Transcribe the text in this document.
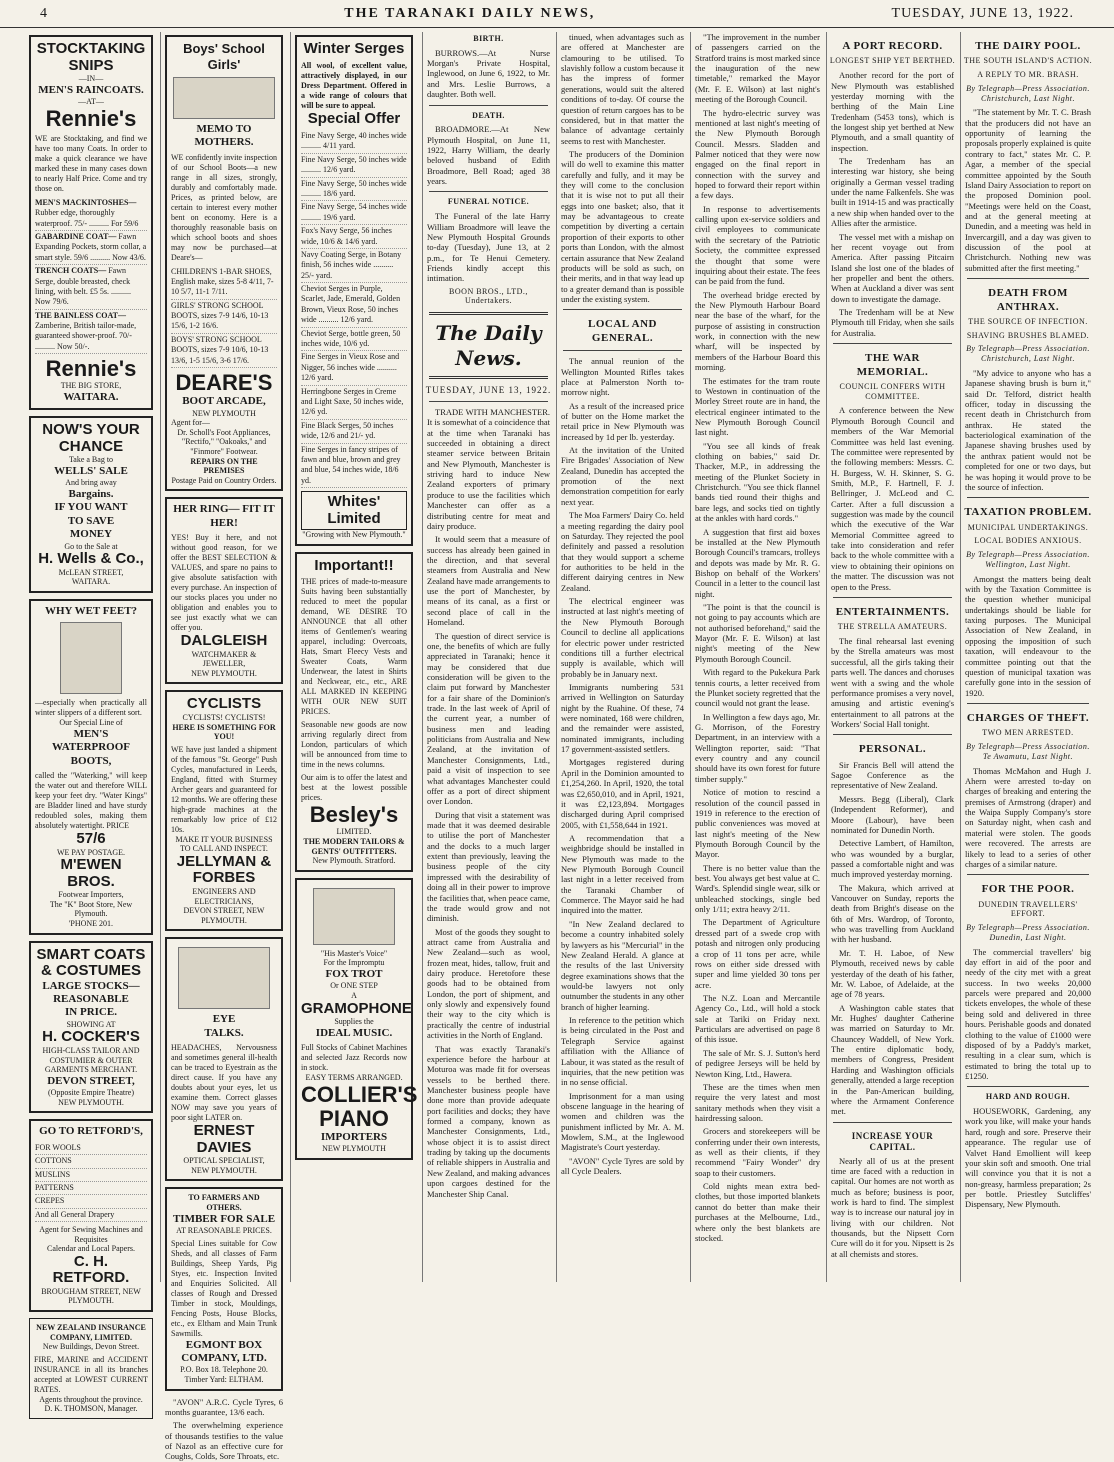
4	THE TARANAKI DAILY NEWS,	TUESDAY, JUNE 13, 1922.
STOCKTAKING
SNIPS
—IN—
MEN'S RAINCOATS.
—AT—
Rennie's
WE are Stocktaking, and find we have too many Coats. In order to make a quick clearance we have marked these in many cases down to nearly Half Price. Come and try those on.
MEN'S MACKINTOSHES— Rubber edge, thoroughly waterproof. 75/- .......... For 59/6
GABARDINE COAT— Fawn Expanding Pockets, storm collar, a smart style. 59/6 .......... Now 43/6.
TRENCH COATS— Fawn Serge, double breasted, check lining, with belt. £5 5s. .......... Now 79/6.
THE BAINLESS COAT— Zamberine, British tailor-made, guaranteed shower-proof. 70/- .......... Now 50/-.
Rennie's
THE BIG STORE,
WAITARA.
NOW'S YOUR
CHANCE
Take a Bag to
WELLS' SALE
And bring away
Bargains.
IF YOU WANT
TO SAVE
MONEY
Go to the Sale at
H. Wells & Co.,
McLEAN STREET,
WAITARA.
WHY WET FEET?
—especially when practically all winter slippers of a different sort.
Our Special Line of
MEN'S WATERPROOF BOOTS,
called the "Waterking," will keep the water out and therefore WILL keep your feet dry. "Water Kings" are Bladder lined and have sturdy redoubled soles, making them absolutely watertight. PRICE
57/6
WE PAY POSTAGE.
M'EWEN BROS.
Footwear Importers,
The "K" Boot Store, New Plymouth.
'PHONE 201.
SMART COATS
& COSTUMES
LARGE STOCKS—
REASONABLE
IN PRICE.
SHOWING AT
H. COCKER'S
HIGH-CLASS TAILOR AND COSTUMIER & OUTER GARMENTS MERCHANT.
DEVON STREET,
(Opposite Empire Theatre)
NEW PLYMOUTH.
GO TO RETFORD'S,
FOR WOOLS
COTTONS
MUSLINS
PATTERNS
CREPES
And all General Drapery
Agent for Sewing Machines and Requisites
Calendar and Local Papers.
C. H. RETFORD.
BROUGHAM STREET, NEW PLYMOUTH.
NEW ZEALAND INSURANCE COMPANY, LIMITED.
New Buildings, Devon Street.
FIRE, MARINE and ACCIDENT INSURANCE in all its branches accepted at LOWEST CURRENT RATES.
Agents throughout the province.
D. K. THOMSON, Manager.
Boys' School Girls'
MEMO TO MOTHERS.
WE confidently invite inspection of our School Boots—a new range in all sizes, strongly, durably and comfortably made. Prices, as printed below, are certain to interest every mother bent on economy. Here is a thoroughly reasonable basis on which school boots and shoes may now be purchased—at Deare's—
CHILDREN'S 1-BAR SHOES, English make, sizes 5-8 4/11, 7-10 5/7, 11-1 7/11.
GIRLS' STRONG SCHOOL BOOTS, sizes 7-9 14/6, 10-13 15/6, 1-2 16/6.
BOYS' STRONG SCHOOL BOOTS, sizes 7-9 10/6, 10-13 13/6, 1-5 15/6, 3-6 17/6.
DEARE'S
BOOT ARCADE,
NEW PLYMOUTH
Agent for—
Dr. Scholl's Foot Appliances,
"Rectifo," "Oakoaks," and
"Finmore" Footwear.
REPAIRS ON THE PREMISES
Postage Paid on Country Orders.
HER RING— FIT IT HER!
YES! Buy it here, and not without good reason, for we offer the BEST SELECTION & VALUES, and spare no pains to give absolute satisfaction with every purchase. An inspection of our stocks places you under no obligation and enables you to see just exactly what we can offer you.
DALGLEISH
WATCHMAKER & JEWELLER,
NEW PLYMOUTH.
CYCLISTS
CYCLISTS! CYCLISTS!
HERE IS SOMETHING FOR YOU!
WE have just landed a shipment of the famous "St. George" Push Cycles, manufactured in Leeds, England, fitted with Sturmey Archer gears and guaranteed for 12 months. We are offering these high-grade machines at the remarkably low price of £12 10s.
MAKE IT YOUR BUSINESS TO CALL AND INSPECT.
JELLYMAN & FORBES
ENGINEERS AND ELECTRICIANS,
DEVON STREET, NEW PLYMOUTH.
EYE
TALKS.
HEADACHES, Nervousness and sometimes general ill-health can be traced to Eyestrain as the direct cause. If you have any doubts about your eyes, let us examine them. Correct glasses NOW may save you years of poor sight LATER on.
ERNEST DAVIES
OPTICAL SPECIALIST,
NEW PLYMOUTH.
TO FARMERS AND OTHERS.
TIMBER FOR SALE
AT REASONABLE PRICES.
Special Lines suitable for Cow Sheds, and all classes of Farm Buildings, Sheep Yards, Pig Styes, etc. Inspection Invited and Enquiries Solicited. All classes of Rough and Dressed Timber in stock, Mouldings, Fencing Posts, House Blocks, etc., ex Eltham and Main Trunk Sawmills.
EGMONT BOX COMPANY, LTD.
P.O. Box 18. Telephone 20.
Timber Yard: ELTHAM.

"AVON" A.R.C. Cycle Tyres, 6 months guarantee, 13/6 each.

The overwhelming experience of thousands testifies to the value of Nazol as an effective cure for Coughs, Colds, Sore Throats, etc.

Winter Serges
All wool, of excellent value, attractively displayed, in our Dress Department. Offered in a wide range of colours that will be sure to appeal.
Special Offer
Fine Navy Serge, 40 inches wide .......... 4/11 yard.
Fine Navy Serge, 50 inches wide .......... 12/6 yard.
Fine Navy Serge, 50 inches wide .......... 18/6 yard.
Fine Navy Serge, 54 inches wide .......... 19/6 yard.
Fox's Navy Serge, 56 inches wide, 10/6 & 14/6 yard.
Navy Coating Serge, in Botany finish, 56 inches wide .......... 25/- yard.
Cheviot Serges in Purple, Scarlet, Jade, Emerald, Golden Brown, Vieux Rose, 50 inches wide .......... 12/6 yard.
Cheviot Serge, bottle green, 50 inches wide, 10/6 yd.
Fine Serges in Vieux Rose and Nigger, 56 inches wide .......... 12/6 yard.
Herringbone Serges in Creme and Light Saxe, 50 inches wide, 12/6 yd.
Fine Black Serges, 50 inches wide, 12/6 and 21/- yd.
Fine Serges in fancy stripes of fawn and blue, brown and grey and blue, 54 inches wide, 18/6 yd.
Whites' Limited
"Growing with New Plymouth."
Important!!
THE prices of made-to-measure Suits having been substantially reduced to meet the popular demand, WE DESIRE TO ANNOUNCE that all other items of Gentlemen's wearing apparel, including: Overcoats, Hats, Smart Fleecy Vests and Sweater Coats, Warm Underwear, the latest in Shirts and Neckwear, etc., etc., ARE ALL MARKED IN KEEPING WITH OUR NEW SUIT PRICES.
Seasonable new goods are now arriving regularly direct from London, particulars of which will be announced from time to time in the news columns.
Our aim is to offer the latest and best at the lowest possible prices.
Besley's
LIMITED.
THE MODERN TAILORS & GENTS' OUTFITTERS.
New Plymouth. Stratford.
"His Master's Voice"
For the Impromptu
FOX TROT
Or ONE STEP
A
GRAMOPHONE
Supplies the
IDEAL MUSIC.
Full Stocks of Cabinet Machines and selected Jazz Records now in stock.
EASY TERMS ARRANGED.
COLLIER'S
PIANO
IMPORTERS
NEW PLYMOUTH
BIRTH.

BURROWS.—At Nurse Morgan's Private Hospital, Inglewood, on June 6, 1922, to Mr. and Mrs. Leslie Burrows, a daughter. Both well.

DEATH.

BROADMORE.—At New Plymouth Hospital, on June 11, 1922, Harry William, the dearly beloved husband of Edith Broadmore, Bell Road; aged 38 years.

FUNERAL NOTICE.

The Funeral of the late Harry William Broadmore will leave the New Plymouth Hospital Grounds to-day (Tuesday), June 13, at 2 p.m., for Te Henui Cemetery. Friends kindly accept this intimation.

BOON BROS., LTD., Undertakers.
The Daily News.
TUESDAY, JUNE 13, 1922.

TRADE WITH MANCHESTER. It is somewhat of a coincidence that at the time when Taranaki has succeeded in obtaining a direct steamer service between Britain and New Plymouth, Manchester is striving hard to induce New Zealand exporters of primary produce to use the facilities which Manchester can offer as a distributing centre for meat and dairy produce.

It would seem that a measure of success has already been gained in the direction, and that several steamers from Australia and New Zealand have made arrangements to use the port of Manchester, by means of its canal, as a first or second place of call in the Homeland.

The question of direct service is one, the benefits of which are fully appreciated in Taranaki; hence it may be considered that due consideration will be given to the claim put forward by Manchester for a fair share of the Dominion's trade. In the last week of April of the current year, a number of business men and leading politicians from Australia and New Zealand, at the invitation of Manchester Consignments, Ltd., paid a visit of inspection to see what advantages Manchester could offer as a port of direct shipment over London.

During that visit a statement was made that it was deemed desirable to utilise the port of Manchester and the docks to a much larger extent than previously, leaving the business people of the city impressed with the desirability of doing all in their power to improve the facilities that, when peace came, the trade would grow and not diminish.

Most of the goods they sought to attract came from Australia and New Zealand—such as wool, frozen meat, hides, tallow, fruit and dairy produce. Heretofore these goods had to be obtained from London, the port of shipment, and only slowly and expensively found their way to the city which is practically the centre of industrial activities in the North of England.

That was exactly Taranaki's experience before the harbour at Moturoa was made fit for overseas vessels to be berthed there. Manchester business people have done more than provide adequate port facilities and docks; they have formed a company, known as Manchester Consignments, Ltd., whose object it is to assist direct trading by taking up the documents of reliable shippers in Australia and New Zealand, and making advances upon cargoes destined for the Manchester Ship Canal.

tinued, when advantages such as are offered at Manchester are clamouring to be utilised. To slavishly follow a custom because it has the impress of former generations, would suit the altered conditions of to-day. Of course the question of return cargoes has to be considered, but in that matter the balance of advantage certainly seems to rest with Manchester.

The producers of the Dominion will do well to examine this matter carefully and fully, and it may be they will come to the conclusion that it is wise not to put all their eggs into one basket; also, that it may be advantageous to create competition by diverting a certain proportion of their exports to other ports than London, with the almost certain assurance that New Zealand products will be sold as such, on their merits, and in that way lead up to a greater demand than is possible under the existing system.

LOCAL AND GENERAL.

The annual reunion of the Wellington Mounted Rifles takes place at Palmerston North to-morrow night.

As a result of the increased price of butter on the Home market the retail price in New Plymouth was increased by 1d per lb. yesterday.

At the invitation of the United Fire Brigades' Association of New Zealand, Dunedin has accepted the promotion of the next demonstration competition for early next year.

The Moa Farmers' Dairy Co. held a meeting regarding the dairy pool on Saturday. They rejected the pool definitely and passed a resolution that they would support a scheme for authorities to be held in the different dairying centres in New Zealand.

The electrical engineer was instructed at last night's meeting of the New Plymouth Borough Council to decline all applications for electric power under restricted conditions till a further electrical supply is available, which will probably be in January next.

Immigrants numbering 531 arrived in Wellington on Saturday night by the Ruahine. Of these, 74 were nominated, 168 were children, and the remainder were assisted, nominated immigrants, including 17 government-assisted settlers.

Mortgages registered during April in the Dominion amounted to £1,254,260. In April, 1920, the total was £2,650,010, and in April, 1921, it was £2,123,894. Mortgages discharged during April comprised 2005, with £1,558,644 in 1921.

A recommendation that a weighbridge should be installed in New Plymouth was made to the New Plymouth Borough Council last night in a letter received from the Taranaki Chamber of Commerce. The Mayor said he had inquired into the matter.

"In New Zealand declared to become a country inhabited solely by lawyers as his "Mercurial" in the New Zealand Herald. A glance at the results of the last University degree examinations shows that the would-be lawyers not only outnumber the students in any other branch of higher learning.

In reference to the petition which is being circulated in the Post and Telegraph Service against affiliation with the Alliance of Labour, it was stated as the result of inquiries, that the new petition was in no sense official.

Imprisonment for a man using obscene language in the hearing of women and children was the punishment inflicted by Mr. A. M. Mowlem, S.M., at the Inglewood Magistrate's Court yesterday.

"AVON" Cycle Tyres are sold by all Cycle Dealers.

"The improvement in the number of passengers carried on the Stratford trains is most marked since the inauguration of the new timetable," remarked the Mayor (Mr. F. E. Wilson) at last night's meeting of the Borough Council.

The hydro-electric survey was mentioned at last night's meeting of the New Plymouth Borough Council. Messrs. Sladden and Palmer noticed that they were now engaged on the final report in connection with the survey and hoped to forward their report within a few days.

In response to advertisements calling upon ex-service soldiers and civil employees to communicate with the secretary of the Patriotic Society, the committee expressed the thought that some were inquiring about their estate. The fees can be paid from the fund.

The overhead bridge erected by the New Plymouth Harbour Board near the base of the wharf, for the purpose of assisting in construction work, in connection with the new wharf, will be inspected by members of the Harbour Board this morning.

The estimates for the tram route to Westown in continuation of the Morley Street route are in hand, the electrical engineer intimated to the New Plymouth Borough Council last night.

"You see all kinds of freak clothing on babies," said Dr. Thacker, M.P., in addressing the meeting of the Plunket Society in Christchurch. "You see thick flannel bands tied round their thighs and bare legs, and socks tied on tightly at the ankles with hard cords."

A suggestion that first aid boxes be installed at the New Plymouth Borough Council's tramcars, trolleys and depots was made by Mr. R. G. Bishop on behalf of the Workers' Council in a letter to the council last night.

"The point is that the council is not going to pay accounts which are not authorised beforehand," said the Mayor (Mr. F. E. Wilson) at last night's meeting of the New Plymouth Borough Council.

With regard to the Pukekura Park tennis courts, a letter received from the Plunket society regretted that the council would not grant the lease.

In Wellington a few days ago, Mr. G. Morrison, of the Forestry Department, in an interview with a Wellington reporter, said: "That every country and any council should have its own forest for future timber supply."

Notice of motion to rescind a resolution of the council passed in 1919 in reference to the erection of public conveniences was moved at last night's meeting of the New Plymouth Borough Council by the Mayor.

There is no better value than the best. You always get best value at C. Ward's. Splendid single wear, silk or unbleached stockings, single bed only 1/11; extra heavy 2/11.

The Department of Agriculture dressed part of a swede crop with potash and nitrogen only producing a crop of 11 tons per acre, while rows on either side dressed with super and lime yielded 30 tons per acre.

The N.Z. Loan and Mercantile Agency Co., Ltd., will hold a stock sale at Tariki on Friday next. Particulars are advertised on page 8 of this issue.

The sale of Mr. S. J. Sutton's herd of pedigree Jerseys will be held by Newton King, Ltd., Hawera.

These are the times when men require the very latest and most sanitary methods when they visit a hairdressing saloon.

Grocers and storekeepers will be conferring under their own interests, as well as their clients, if they recommend "Fairy Wonder" dry soap to their customers.

Cold nights mean extra bed-clothes, but those imported blankets cannot do better than make their purchases at the Melbourne, Ltd., where only the best blankets are stocked.

A PORT RECORD.
LONGEST SHIP YET BERTHED.

Another record for the port of New Plymouth was established yesterday morning with the berthing of the Main Line Tredenham (5453 tons), which is the longest ship yet berthed at New Plymouth, and a small quantity of inspection.

The Tredenham has an interesting war history, she being originally a German vessel trading under the name Falkenfels. She was built in 1914-15 and was practically a new ship when handed over to the Allies after the armistice.

The vessel met with a mishap on her recent voyage out from America. After passing Pitcairn Island she lost one of the blades of her propeller and bent the others. When at Auckland a diver was sent down to investigate the damage.

The Tredenham will be at New Plymouth till Friday, when she sails for Australia.

THE WAR MEMORIAL.
COUNCIL CONFERS WITH COMMITTEE.

A conference between the New Plymouth Borough Council and members of the War Memorial Committee was held last evening. The committee were represented by the following members: Messrs. C. H. Burgess, W. H. Skinner, S. G. Smith, M.P., F. Hartnell, F. J. Bellringer, J. McLeod and C. Carter. After a full discussion a suggestion was made by the council which the executive of the War Memorial Committee agreed to take into consideration and refer back to the whole committee with a view to obtaining their opinions on the matter. The discussion was not open to the Press.

ENTERTAINMENTS.
THE STRELLA AMATEURS.

The final rehearsal last evening by the Strella amateurs was most successful, all the girls taking their parts well. The dances and choruses went with a swing and the whole performance promises a very novel, amusing and artistic evening's entertainment to all patrons at the Workers' Social Hall tonight.

PERSONAL.

Sir Francis Bell will attend the Sagoe Conference as the representative of New Zealand.

Messrs. Begg (Liberal), Clark (Independent Reformer), and Moore (Labour), have been nominated for Dunedin North.

Detective Lambert, of Hamilton, who was wounded by a burglar, passed a comfortable night and was much improved yesterday morning.

The Makura, which arrived at Vancouver on Sunday, reports the death from Bright's disease on the 6th of Mrs. Wardrop, of Toronto, who was travelling from Auckland with her husband.

Mr. T. H. Laboe, of New Plymouth, received news by cable yesterday of the death of his father, Mr. W. Laboe, of Adelaide, at the age of 78 years.

A Washington cable states that Mr. Hughes' daughter Catherine was married on Saturday to Mr. Chauncey Waddell, of New York. The entire diplomatic body, members of Congress, President Harding and Washington officials generally, attended a large reception in the Pan-American building, where the Armament Conference met.

INCREASE YOUR CAPITAL.

Nearly all of us at the present time are faced with a reduction in capital. Our homes are not worth as much as before; business is poor, work is hard to find. The simplest way is to increase our natural joy in living with our children. Not thousands, but the Nipsett Corn Cure will do it for you. Nipsett is 2s at all chemists and stores.

THE DAIRY POOL.
THE SOUTH ISLAND'S ACTION.
A REPLY TO MR. BRASH.
By Telegraph—Press Association. Christchurch, Last Night.

"The statement by Mr. T. C. Brash that the producers did not have an opportunity of learning the proposals properly explained is quite contrary to fact," states Mr. C. P. Agar, a member of the special committee appointed by the South Island Dairy Association to report on the proposed Dominion pool. "Meetings were held on the Coast, and at the general meeting at Dunedin, and a meeting was held in Invercargill, and a day was given to discussion of the pool at Christchurch. Nothing new was submitted after the first meeting."

DEATH FROM ANTHRAX.
THE SOURCE OF INFECTION.
SHAVING BRUSHES BLAMED.
By Telegraph—Press Association. Christchurch, Last Night.

"My advice to anyone who has a Japanese shaving brush is burn it," said Dr. Telford, district health officer, today in discussing the recent death in Christchurch from anthrax. He stated the bacteriological examination of the Japanese shaving brushes used by the anthrax patient would not be completed for one or two days, but he was hoping it would prove to be the source of infection.

TAXATION PROBLEM.
MUNICIPAL UNDERTAKINGS.
LOCAL BODIES ANXIOUS.
By Telegraph—Press Association. Wellington, Last Night.

Amongst the matters being dealt with by the Taxation Committee is the question whether municipal undertakings should be liable for taxing purposes. The Municipal Association of New Zealand, in opposing the imposition of such taxation, will endeavour to the committee pointing out that the question of municipal taxation was carefully gone into in the session of 1920.

CHARGES OF THEFT.
TWO MEN ARRESTED.
By Telegraph—Press Association. Te Awamutu, Last Night.

Thomas McMahon and Hugh J. Ahern were arrested to-day on charges of breaking and entering the premises of Armstrong (draper) and the Waipa Supply Company's store on Saturday night, when cash and material were stolen. The goods were recovered. The arrests are likely to lead to a series of other charges of a similar nature.

FOR THE POOR.
DUNEDIN TRAVELLERS' EFFORT.
By Telegraph—Press Association. Dunedin, Last Night.

The commercial travellers' big day effort in aid of the poor and needy of the city met with a great success. In two weeks 20,000 parcels were prepared and 20,000 tickets envelopes, the whole of these being sold and delivered in three hours. Perishable goods and donated clothing to the value of £1000 were disposed of by a Paddy's market, resulting in a clear sum, which is estimated to bring the total up to £1250.

HARD AND ROUGH.

HOUSEWORK, Gardening, any work you like, will make your hands hard, rough and sore. Preserve their appearance. The regular use of Valvet Hand Emollient will keep your skin soft and smooth. One trial will convince you that it is not a non-greasy, harmless preparation; 2s per bottle. Priestley Sutcliffes' Dispensary, New Plymouth.
